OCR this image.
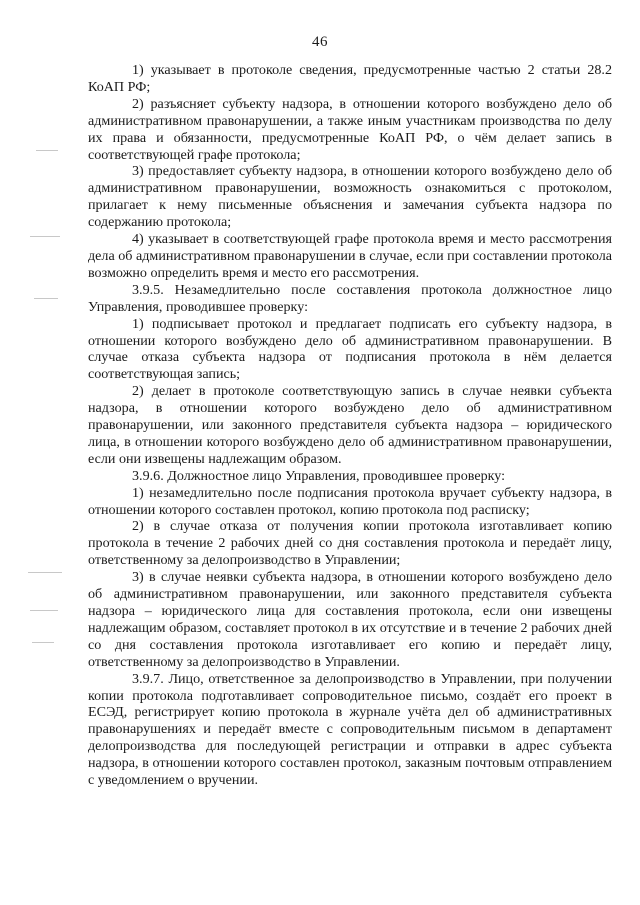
46

1) указывает в протоколе сведения, предусмотренные частью 2 статьи 28.2 КоАП РФ;

2) разъясняет субъекту надзора, в отношении которого возбуждено дело об административном правонарушении, а также иным участникам производства по делу их права и обязанности, предусмотренные КоАП РФ, о чём делает запись в соответствующей графе протокола;

3) предоставляет субъекту надзора, в отношении которого возбуждено дело об административном правонарушении, возможность ознакомиться с протоколом, прилагает к нему письменные объяснения и замечания субъекта надзора по содержанию протокола;

4) указывает в соответствующей графе протокола время и место рассмотрения дела об административном правонарушении в случае, если при составлении протокола возможно определить время и место его рассмотрения.

3.9.5. Незамедлительно после составления протокола должностное лицо Управления, проводившее проверку:

1) подписывает протокол и предлагает подписать его субъекту надзора, в отношении которого возбуждено дело об административном правонарушении. В случае отказа субъекта надзора от подписания протокола в нём делается соответствующая запись;

2) делает в протоколе соответствующую запись в случае неявки субъекта надзора, в отношении которого возбуждено дело об административном правонарушении, или законного представителя субъекта надзора – юридического лица, в отношении которого возбуждено дело об административном правонарушении, если они извещены надлежащим образом.

3.9.6. Должностное лицо Управления, проводившее проверку:

1) незамедлительно после подписания протокола вручает субъекту надзора, в отношении которого составлен протокол, копию протокола под расписку;

2) в случае отказа от получения копии протокола изготавливает копию протокола в течение 2 рабочих дней со дня составления протокола и передаёт лицу, ответственному за делопроизводство в Управлении;

3) в случае неявки субъекта надзора, в отношении которого возбуждено дело об административном правонарушении, или законного представителя субъекта надзора – юридического лица для составления протокола, если они извещены надлежащим образом, составляет протокол в их отсутствие и в течение 2 рабочих дней со дня составления протокола изготавливает его копию и передаёт лицу, ответственному за делопроизводство в Управлении.

3.9.7. Лицо, ответственное за делопроизводство в Управлении, при получении копии протокола подготавливает сопроводительное письмо, создаёт его проект в ЕСЭД, регистрирует копию протокола в журнале учёта дел об административных правонарушениях и передаёт вместе с сопроводительным письмом в департамент делопроизводства для последующей регистрации и отправки в адрес субъекта надзора, в отношении которого составлен протокол, заказным почтовым отправлением с уведомлением о вручении.
